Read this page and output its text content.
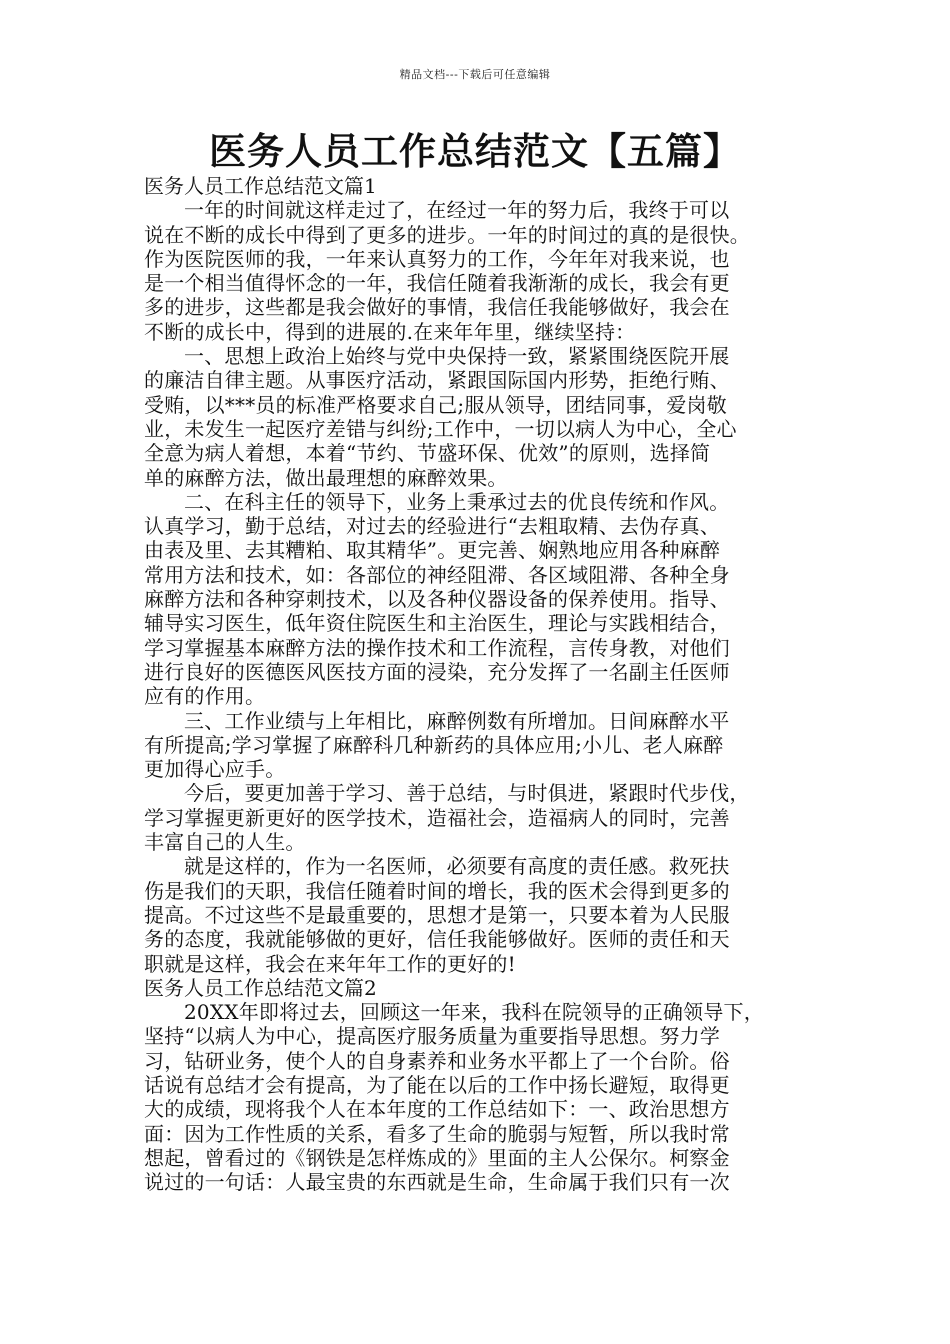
精品文档---下载后可任意编辑
医务人员工作总结范文【五篇】
医务人员工作总结范文篇1
一年的时间就这样走过了，在经过一年的努力后，我终于可以
说在不断的成长中得到了更多的进步。一年的时间过的真的是很快。
作为医院医师的我，一年来认真努力的工作，今年年对我来说，也
是一个相当值得怀念的一年，我信任随着我渐渐的成长，我会有更
多的进步，这些都是我会做好的事情，我信任我能够做好，我会在
不断的成长中，得到的进展的.在来年年里，继续坚持：
一、思想上政治上始终与党中央保持一致，紧紧围绕医院开展
的廉洁自律主题。从事医疗活动，紧跟国际国内形势，拒绝行贿、
受贿，以***员的标准严格要求自己;服从领导，团结同事，爱岗敬
业，未发生一起医疗差错与纠纷;工作中，一切以病人为中心，全心
全意为病人着想，本着“节约、节盛环保、优效”的原则，选择简
单的麻醉方法，做出最理想的麻醉效果。
二、在科主任的领导下，业务上秉承过去的优良传统和作风。
认真学习，勤于总结，对过去的经验进行“去粗取精、去伪存真、
由表及里、去其糟粕、取其精华”。更完善、娴熟地应用各种麻醉
常用方法和技术，如：各部位的神经阻滞、各区域阻滞、各种全身
麻醉方法和各种穿刺技术，以及各种仪器设备的保养使用。指导、
辅导实习医生，低年资住院医生和主治医生，理论与实践相结合，
学习掌握基本麻醉方法的操作技术和工作流程，言传身教，对他们
进行良好的医德医风医技方面的浸染，充分发挥了一名副主任医师
应有的作用。
三、工作业绩与上年相比，麻醉例数有所增加。日间麻醉水平
有所提高;学习掌握了麻醉科几种新药的具体应用;小儿、老人麻醉
更加得心应手。
今后，要更加善于学习、善于总结，与时俱进，紧跟时代步伐，
学习掌握更新更好的医学技术，造福社会，造福病人的同时，完善
丰富自己的人生。
就是这样的，作为一名医师，必须要有高度的责任感。救死扶
伤是我们的天职，我信任随着时间的增长，我的医术会得到更多的
提高。不过这些不是最重要的，思想才是第一，只要本着为人民服
务的态度，我就能够做的更好，信任我能够做好。医师的责任和天
职就是这样，我会在来年年工作的更好的!
医务人员工作总结范文篇2
20XX年即将过去，回顾这一年来，我科在院领导的正确领导下，
坚持“以病人为中心，提高医疗服务质量为重要指导思想。努力学
习，钻研业务，使个人的自身素养和业务水平都上了一个台阶。俗
话说有总结才会有提高，为了能在以后的工作中扬长避短，取得更
大的成绩，现将我个人在本年度的工作总结如下：一、政治思想方
面：因为工作性质的关系，看多了生命的脆弱与短暂，所以我时常
想起，曾看过的《钢铁是怎样炼成的》里面的主人公保尔。柯察金
说过的一句话：人最宝贵的东西就是生命，生命属于我们只有一次
